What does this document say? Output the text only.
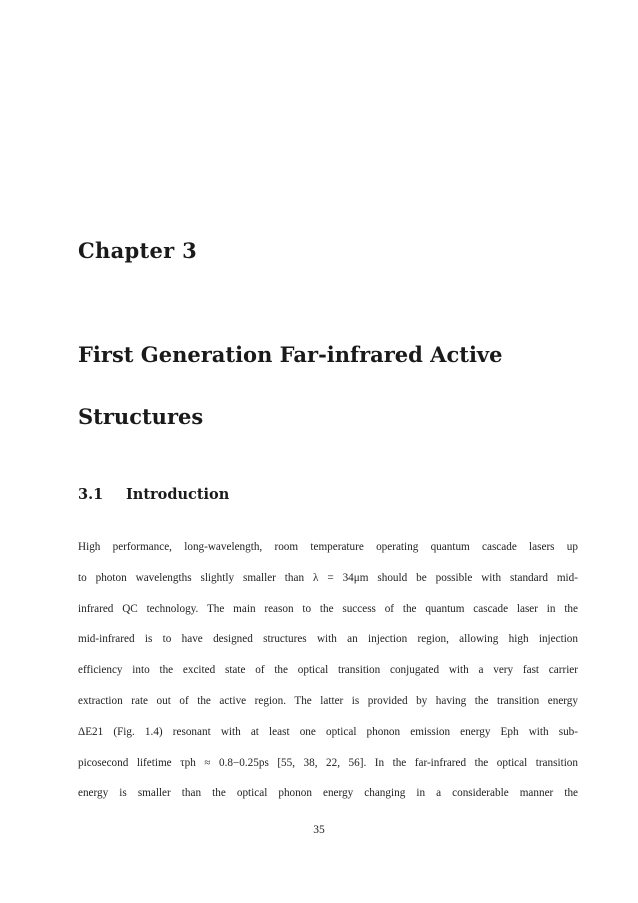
Chapter 3
First Generation Far-infrared Active
Structures
3.1	Introduction
High performance, long-wavelength, room temperature operating quantum cascade lasers up
to photon wavelengths slightly smaller than λ = 34μm should be possible with standard mid-
infrared QC technology. The main reason to the success of the quantum cascade laser in the
mid-infrared is to have designed structures with an injection region, allowing high injection
efficiency into the excited state of the optical transition conjugated with a very fast carrier
extraction rate out of the active region. The latter is provided by having the transition energy
ΔE21 (Fig. 1.4) resonant with at least one optical phonon emission energy Eph with sub-
picosecond lifetime τph ≈ 0.8−0.25ps [55, 38, 22, 56]. In the far-infrared the optical transition
energy is smaller than the optical phonon energy changing in a considerable manner the
35
